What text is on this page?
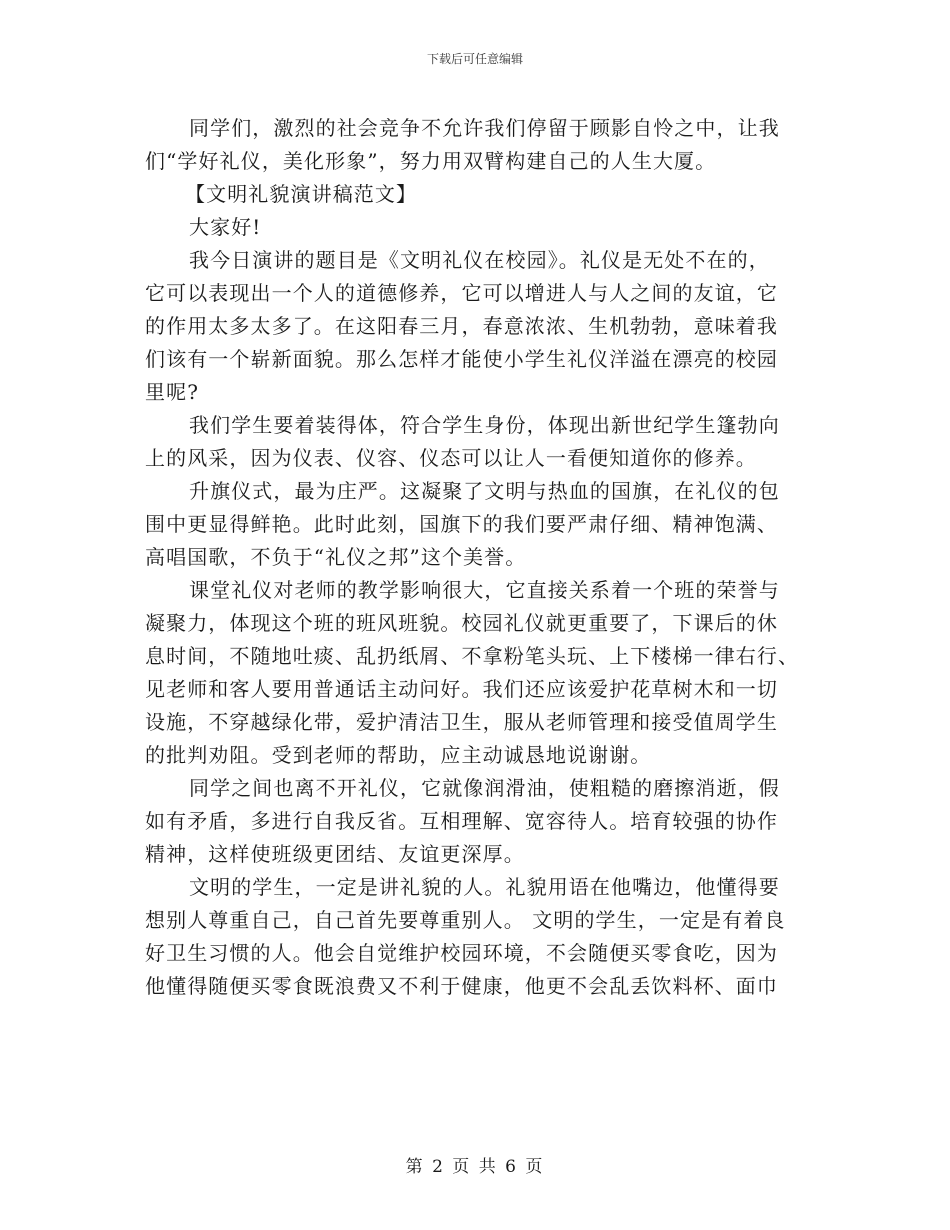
下载后可任意编辑
同学们，激烈的社会竞争不允许我们停留于顾影自怜之中，让我
们“学好礼仪，美化形象”，努力用双臂构建自己的人生大厦。
【文明礼貌演讲稿范文】
大家好!
我今日演讲的题目是《文明礼仪在校园》。礼仪是无处不在的，
它可以表现出一个人的道德修养，它可以增进人与人之间的友谊，它
的作用太多太多了。在这阳春三月，春意浓浓、生机勃勃，意味着我
们该有一个崭新面貌。那么怎样才能使小学生礼仪洋溢在漂亮的校园
里呢?
我们学生要着装得体，符合学生身份，体现出新世纪学生篷勃向
上的风采，因为仪表、仪容、仪态可以让人一看便知道你的修养。
升旗仪式，最为庄严。这凝聚了文明与热血的国旗，在礼仪的包
围中更显得鲜艳。此时此刻，国旗下的我们要严肃仔细、精神饱满、
高唱国歌，不负于“礼仪之邦”这个美誉。
课堂礼仪对老师的教学影响很大，它直接关系着一个班的荣誉与
凝聚力，体现这个班的班风班貌。校园礼仪就更重要了，下课后的休
息时间，不随地吐痰、乱扔纸屑、不拿粉笔头玩、上下楼梯一律右行、
见老师和客人要用普通话主动问好。我们还应该爱护花草树木和一切
设施，不穿越绿化带，爱护清洁卫生，服从老师管理和接受值周学生
的批判劝阻。受到老师的帮助，应主动诚恳地说谢谢。
同学之间也离不开礼仪，它就像润滑油，使粗糙的磨擦消逝，假
如有矛盾，多进行自我反省。互相理解、宽容待人。培育较强的协作
精神，这样使班级更团结、友谊更深厚。
文明的学生，一定是讲礼貌的人。礼貌用语在他嘴边，他懂得要
想别人尊重自己，自己首先要尊重别人。 文明的学生，一定是有着良
好卫生习惯的人。他会自觉维护校园环境，不会随便买零食吃，因为
他懂得随便买零食既浪费又不利于健康，他更不会乱丢饮料杯、面巾
第 2 页 共 6 页
